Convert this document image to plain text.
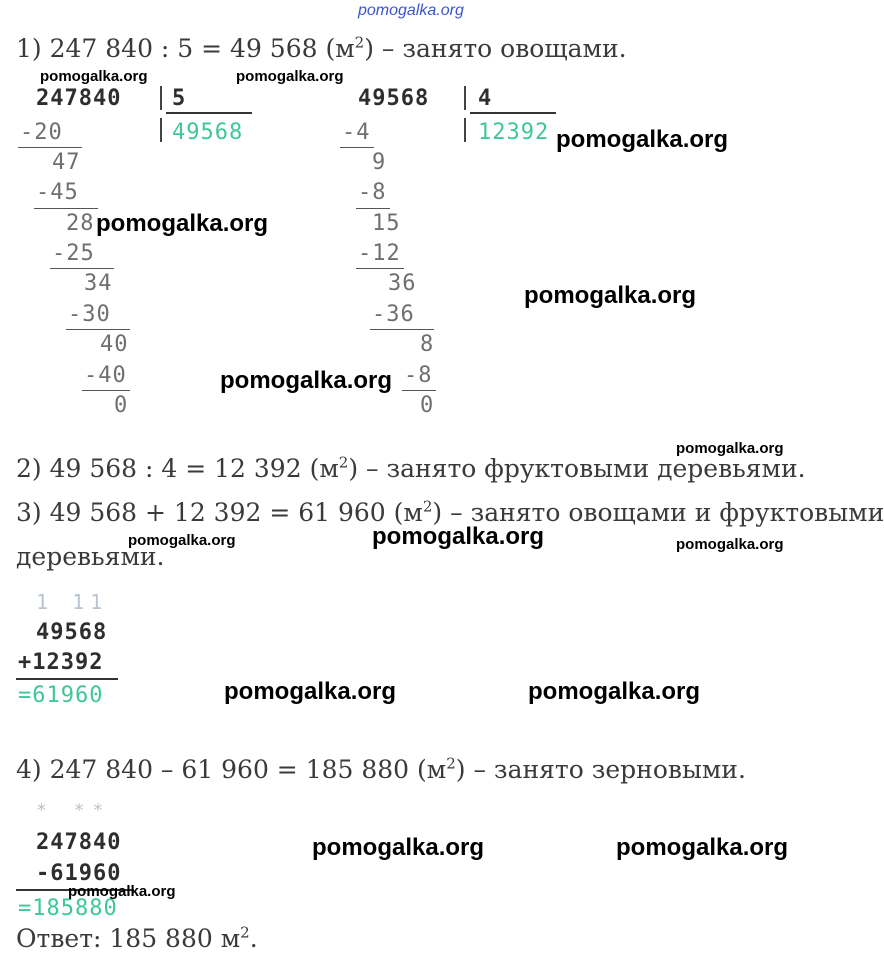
pomogalka.org
1) 247 840 : 5 = 49 568 $(м^2)$ – занято овощами.
pomogalka.org	pomogalka.org
247840 5
49568
-20
47
-45
28
-25
34
-30
40
-40
0
pomogalka.org
49568 4
12392
-4
9
-8
15
-12
36
-36
8
-8
0
pomogalka.org
pomogalka.org
pomogalka.org
pomogalka.org
2) 49 568 : 4 = 12 392 $(м^2)$ – занято фруктовыми деревьями.
3) 49 568 + 12 392 = 61 960 $(м^2)$ – занято овощами и фруктовыми
pomogalka.org	pomogalka.org	pomogalka.org
деревьями.
1 11
49568
+12392
=61960	pomogalka.org	pomogalka.org
4) 247 840 – 61 960 = 185 880 $(м^2)$ – занято зерновыми.
* **
247840
-61960
=185880
pomogalka.org
pomogalka.org	pomogalka.org
Ответ: 185 880 $м^2$.
